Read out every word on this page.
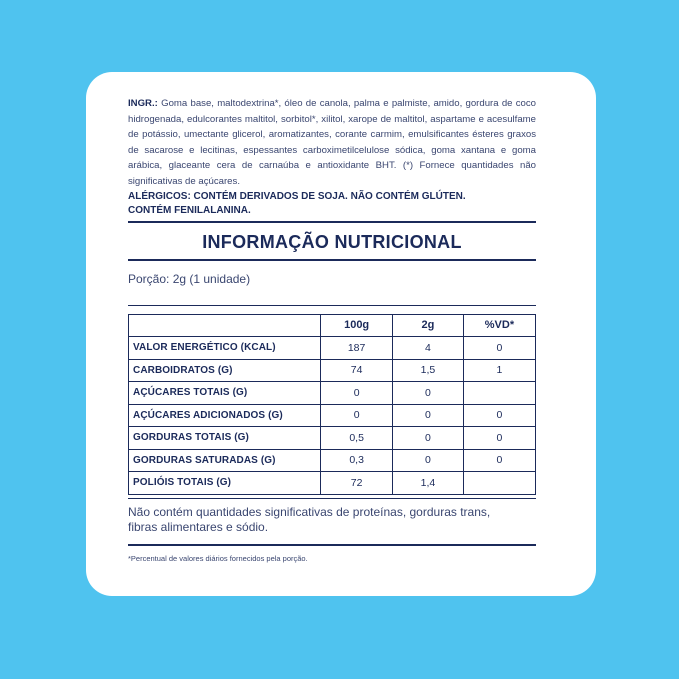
INGR.: Goma base, maltodextrina*, óleo de canola, palma e palmiste, amido, gordura de coco hidrogenada, edulcorantes maltitol, sorbitol*, xilitol, xarope de maltitol, aspartame e acesulfame de potássio, umectante glicerol, aromatizantes, corante carmim, emulsificantes ésteres graxos de sacarose e lecitinas, espessantes carboximetilcelulose sódica, goma xantana e goma arábica, glaceante cera de carnaúba e antioxidante BHT. (*) Fornece quantidades não significativas de açúcares.

ALÉRGICOS: CONTÉM DERIVADOS DE SOJA. NÃO CONTÉM GLÚTEN.
CONTÉM FENILALANINA.
INFORMAÇÃO NUTRICIONAL
Porção: 2g (1 unidade)
	100g	2g	%VD*
VALOR ENERGÉTICO (KCAL)	187	4	0
CARBOIDRATOS (G)	74	1,5	1
AÇÚCARES TOTAIS (G)	0	0	
AÇÚCARES ADICIONADOS (G)	0	0	0
GORDURAS TOTAIS (G)	0,5	0	0
GORDURAS SATURADAS (G)	0,3	0	0
POLIÓIS TOTAIS (G)	72	1,4	
Não contém quantidades significativas de proteínas, gorduras trans,
fibras alimentares e sódio.
*Percentual de valores diários fornecidos pela porção.
